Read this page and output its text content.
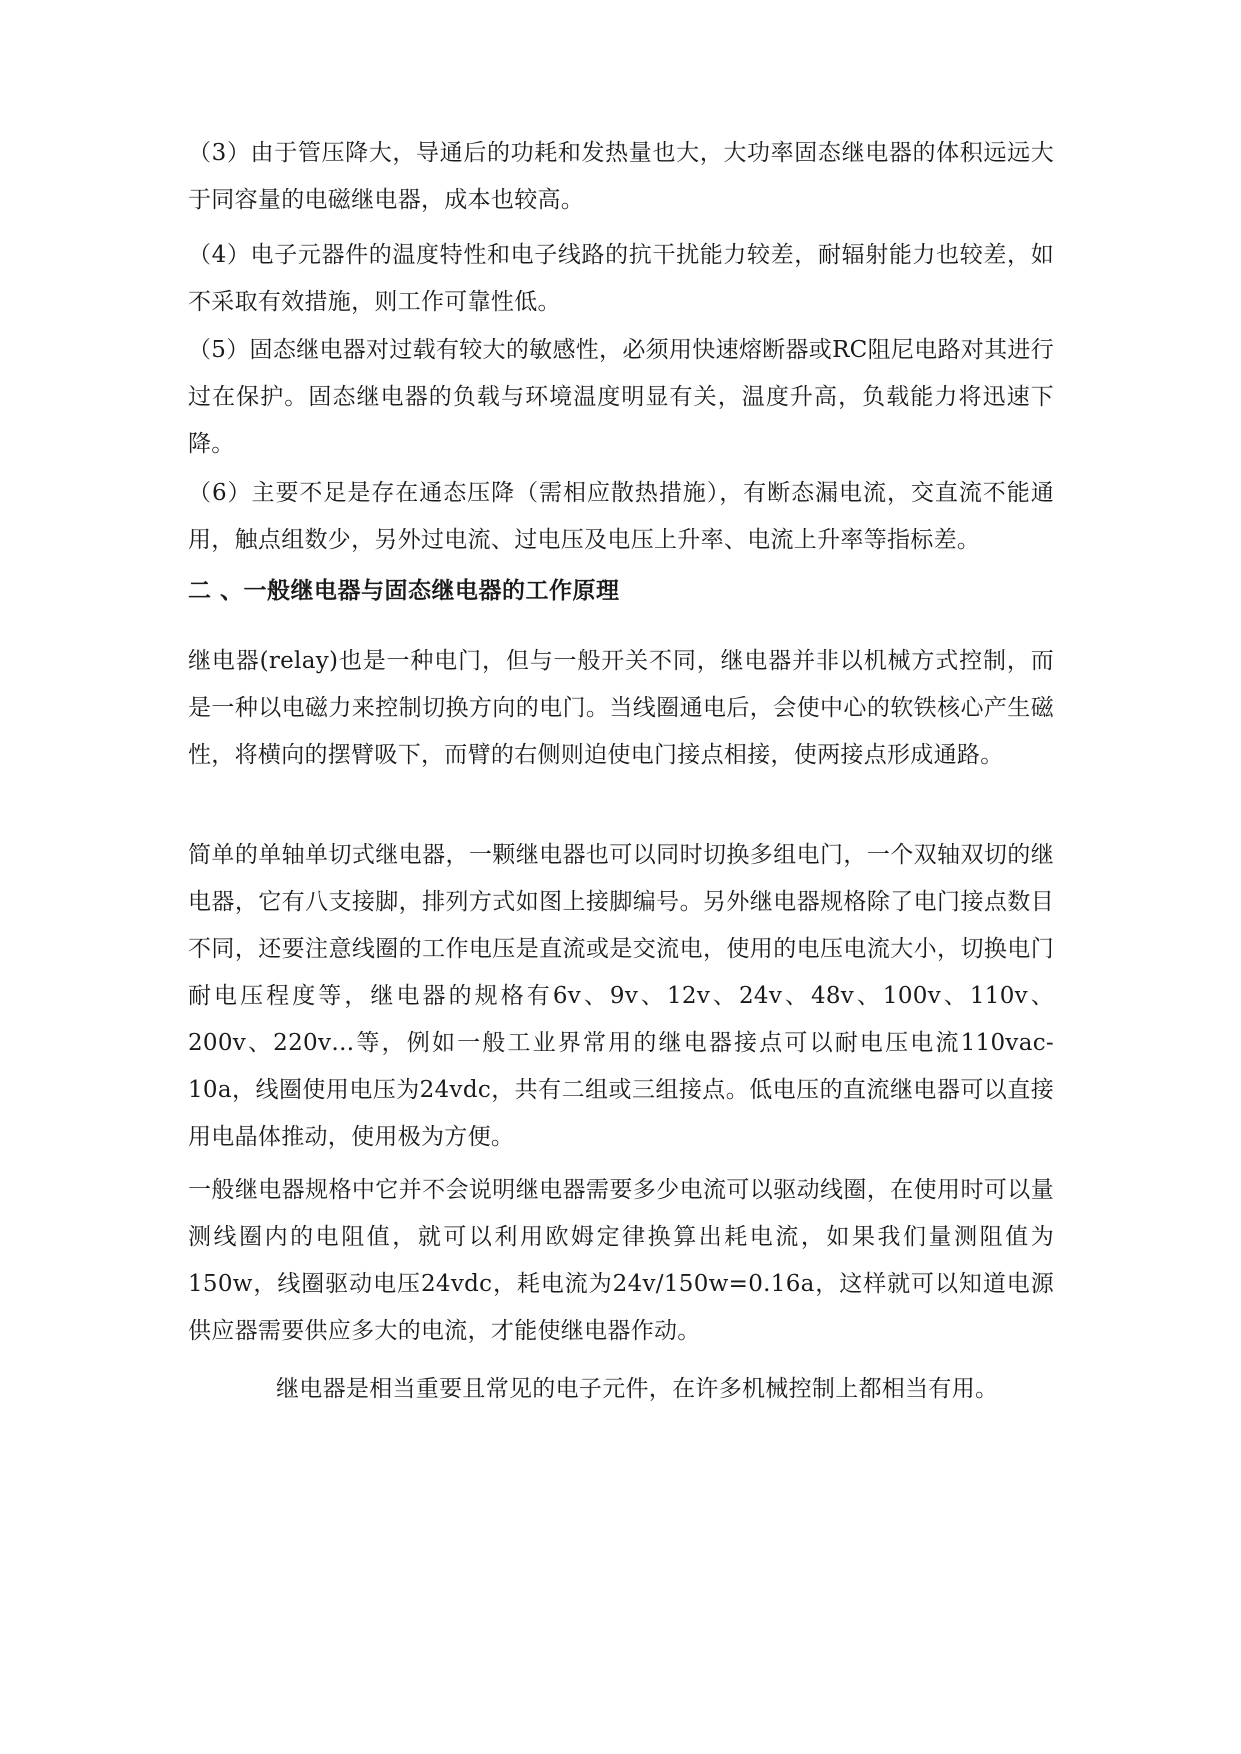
（3）由于管压降大，导通后的功耗和发热量也大，大功率固态继电器的体积远远大于同容量的电磁继电器，成本也较高。

（4）电子元器件的温度特性和电子线路的抗干扰能力较差，耐辐射能力也较差，如不采取有效措施，则工作可靠性低。

（5）固态继电器对过载有较大的敏感性，必须用快速熔断器或RC阻尼电路对其进行过在保护。固态继电器的负载与环境温度明显有关，温度升高，负载能力将迅速下降。

（6）主要不足是存在通态压降（需相应散热措施），有断态漏电流，交直流不能通用，触点组数少，另外过电流、过电压及电压上升率、电流上升率等指标差。

二 、一般继电器与固态继电器的工作原理

继电器(relay)也是一种电门，但与一般开关不同，继电器并非以机械方式控制，而是一种以电磁力来控制切换方向的电门。当线圈通电后，会使中心的软铁核心产生磁性，将横向的摆臂吸下，而臂的右侧则迫使电门接点相接，使两接点形成通路。

简单的单轴单切式继电器，一颗继电器也可以同时切换多组电门，一个双轴双切的继电器，它有八支接脚，排列方式如图上接脚编号。另外继电器规格除了电门接点数目不同，还要注意线圈的工作电压是直流或是交流电，使用的电压电流大小，切换电门耐电压程度等，继电器的规格有6v、9v、12v、24v、48v、100v、110v、200v、220v…等，例如一般工业界常用的继电器接点可以耐电压电流110vac-10a，线圈使用电压为24vdc，共有二组或三组接点。低电压的直流继电器可以直接用电晶体推动，使用极为方便。

一般继电器规格中它并不会说明继电器需要多少电流可以驱动线圈，在使用时可以量测线圈内的电阻值，就可以利用欧姆定律换算出耗电流，如果我们量测阻值为150w，线圈驱动电压24vdc，耗电流为24v/150w=0.16a，这样就可以知道电源供应器需要供应多大的电流，才能使继电器作动。

继电器是相当重要且常见的电子元件，在许多机械控制上都相当有用。
